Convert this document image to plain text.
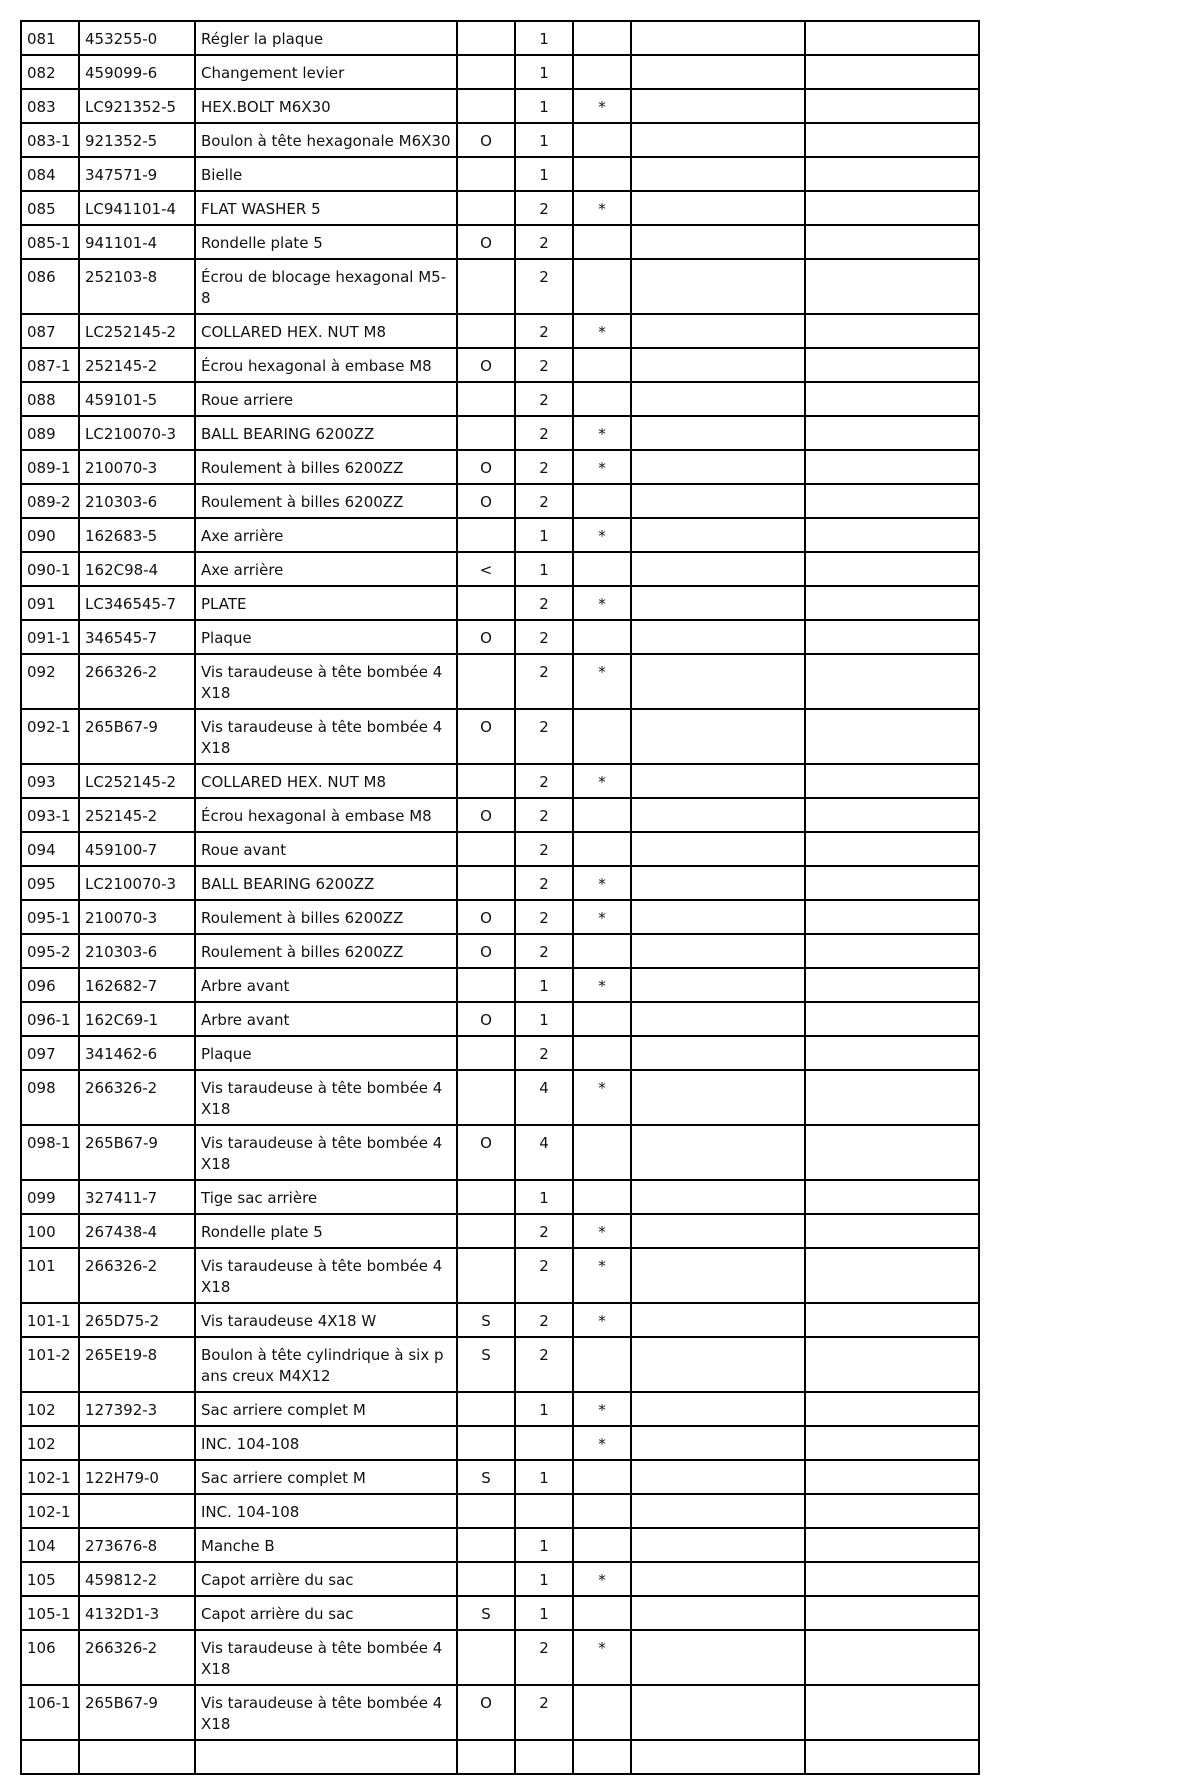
081	453255-0	Régler la plaque		1			
082	459099-6	Changement levier		1			
083	LC921352-5	HEX.BOLT M6X30		1	*		
083-1	921352-5	Boulon à tête hexagonale M6X30	O	1			
084	347571-9	Bielle		1			
085	LC941101-4	FLAT WASHER 5		2	*		
085-1	941101-4	Rondelle plate 5	O	2			
086	252103-8	Écrou de blocage hexagonal M5-8		2			
087	LC252145-2	COLLARED HEX. NUT M8		2	*		
087-1	252145-2	Écrou hexagonal à embase M8	O	2			
088	459101-5	Roue arriere		2			
089	LC210070-3	BALL BEARING 6200ZZ		2	*		
089-1	210070-3	Roulement à billes 6200ZZ	O	2	*		
089-2	210303-6	Roulement à billes 6200ZZ	O	2			
090	162683-5	Axe arrière		1	*		
090-1	162C98-4	Axe arrière	<	1			
091	LC346545-7	PLATE		2	*		
091-1	346545-7	Plaque	O	2			
092	266326-2	Vis taraudeuse à tête bombée 4X18		2	*		
092-1	265B67-9	Vis taraudeuse à tête bombée 4X18	O	2			
093	LC252145-2	COLLARED HEX. NUT M8		2	*		
093-1	252145-2	Écrou hexagonal à embase M8	O	2			
094	459100-7	Roue avant		2			
095	LC210070-3	BALL BEARING 6200ZZ		2	*		
095-1	210070-3	Roulement à billes 6200ZZ	O	2	*		
095-2	210303-6	Roulement à billes 6200ZZ	O	2			
096	162682-7	Arbre avant		1	*		
096-1	162C69-1	Arbre avant	O	1			
097	341462-6	Plaque		2			
098	266326-2	Vis taraudeuse à tête bombée 4X18		4	*		
098-1	265B67-9	Vis taraudeuse à tête bombée 4X18	O	4			
099	327411-7	Tige sac arrière		1			
100	267438-4	Rondelle plate 5		2	*		
101	266326-2	Vis taraudeuse à tête bombée 4X18		2	*		
101-1	265D75-2	Vis taraudeuse 4X18 W	S	2	*		
101-2	265E19-8	Boulon à tête cylindrique à six pans creux M4X12	S	2			
102	127392-3	Sac arriere complet M		1	*		
102		INC. 104-108			*		
102-1	122H79-0	Sac arriere complet M	S	1			
102-1		INC. 104-108					
104	273676-8	Manche B		1			
105	459812-2	Capot arrière du sac		1	*		
105-1	4132D1-3	Capot arrière du sac	S	1			
106	266326-2	Vis taraudeuse à tête bombée 4X18		2	*		
106-1	265B67-9	Vis taraudeuse à tête bombée 4X18	O	2			
